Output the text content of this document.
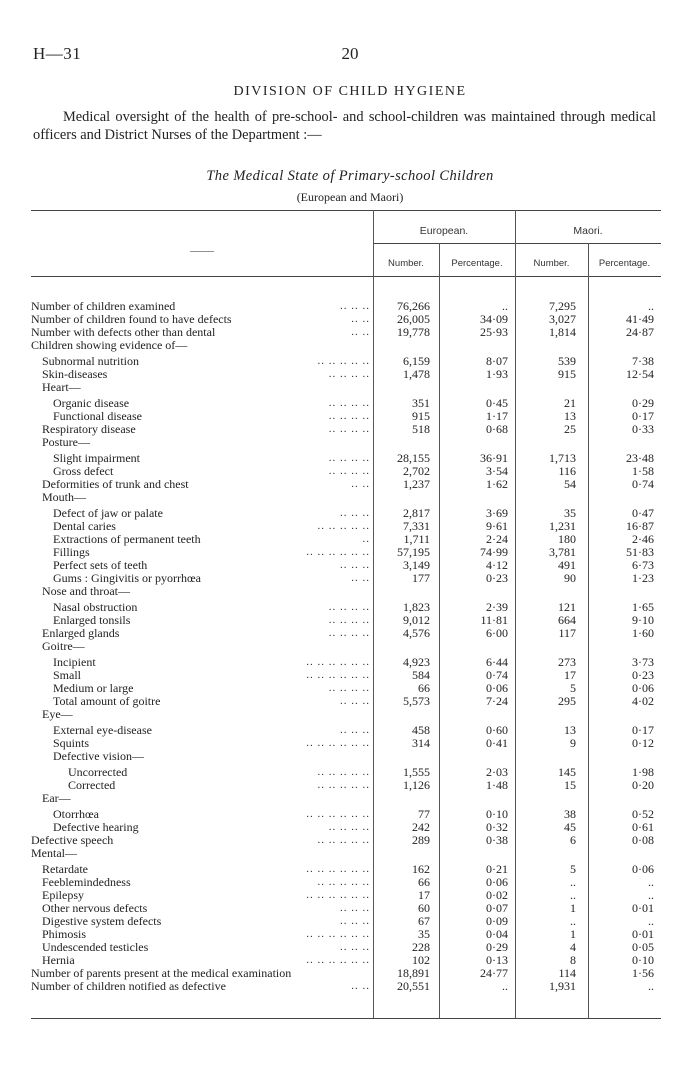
H—31	20
DIVISION OF CHILD HYGIENE
Medical oversight of the health of pre-school- and school-children was maintained through medical officers and District Nurses of the Department :—
The Medical State of Primary-school Children
(European and Maori)
——
European.	Maori.
Number.	Percentage.	Number.	Percentage.
Number of children examined	.. .. ..	76,266	..	7,295	..
Number of children found to have defects	.. ..	26,005	34·09	3,027	41·49
Number with defects other than dental	.. ..	19,778	25·93	1,814	24·87
Children showing evidence of—
Subnormal nutrition	.. .. .. .. ..	6,159	8·07	539	7·38
Skin-diseases	.. .. .. ..	1,478	1·93	915	12·54
Heart—
Organic disease	.. .. .. ..	351	0·45	21	0·29
Functional disease	.. .. .. ..	915	1·17	13	0·17
Respiratory disease	.. .. .. ..	518	0·68	25	0·33
Posture—
Slight impairment	.. .. .. ..	28,155	36·91	1,713	23·48
Gross defect	.. .. .. ..	2,702	3·54	116	1·58
Deformities of trunk and chest	.. ..	1,237	1·62	54	0·74
Mouth—
Defect of jaw or palate	.. .. ..	2,817	3·69	35	0·47
Dental caries	.. .. .. .. ..	7,331	9·61	1,231	16·87
Extractions of permanent teeth	..	1,711	2·24	180	2·46
Fillings	.. .. .. .. .. ..	57,195	74·99	3,781	51·83
Perfect sets of teeth	.. .. ..	3,149	4·12	491	6·73
Gums : Gingivitis or pyorrhœa	.. ..	177	0·23	90	1·23
Nose and throat—
Nasal obstruction	.. .. .. ..	1,823	2·39	121	1·65
Enlarged tonsils	.. .. .. ..	9,012	11·81	664	9·10
Enlarged glands	.. .. .. ..	4,576	6·00	117	1·60
Goitre—
Incipient	.. .. .. .. .. ..	4,923	6·44	273	3·73
Small	.. .. .. .. .. ..	584	0·74	17	0·23
Medium or large	.. .. .. ..	66	0·06	5	0·06
Total amount of goitre	.. .. ..	5,573	7·24	295	4·02
Eye—
External eye-disease	.. .. ..	458	0·60	13	0·17
Squints	.. .. .. .. .. ..	314	0·41	9	0·12
Defective vision—
Uncorrected	.. .. .. .. ..	1,555	2·03	145	1·98
Corrected	.. .. .. .. ..	1,126	1·48	15	0·20
Ear—
Otorrhœa	.. .. .. .. .. ..	77	0·10	38	0·52
Defective hearing	.. .. .. ..	242	0·32	45	0·61
Defective speech	.. .. .. .. ..	289	0·38	6	0·08
Mental—
Retardate	.. .. .. .. .. ..	162	0·21	5	0·06
Feeblemindedness	.. .. .. .. ..	66	0·06	..	..
Epilepsy	.. .. .. .. .. ..	17	0·02	..	..
Other nervous defects	.. .. ..	60	0·07	1	0·01
Digestive system defects	.. .. ..	67	0·09	..	..
Phimosis	.. .. .. .. .. ..	35	0·04	1	0·01
Undescended testicles	.. .. ..	228	0·29	4	0·05
Hernia	.. .. .. .. .. ..	102	0·13	8	0·10
Number of parents present at the medical examination	18,891	24·77	114	1·56
Number of children notified as defective	.. ..	20,551	..	1,931	..
